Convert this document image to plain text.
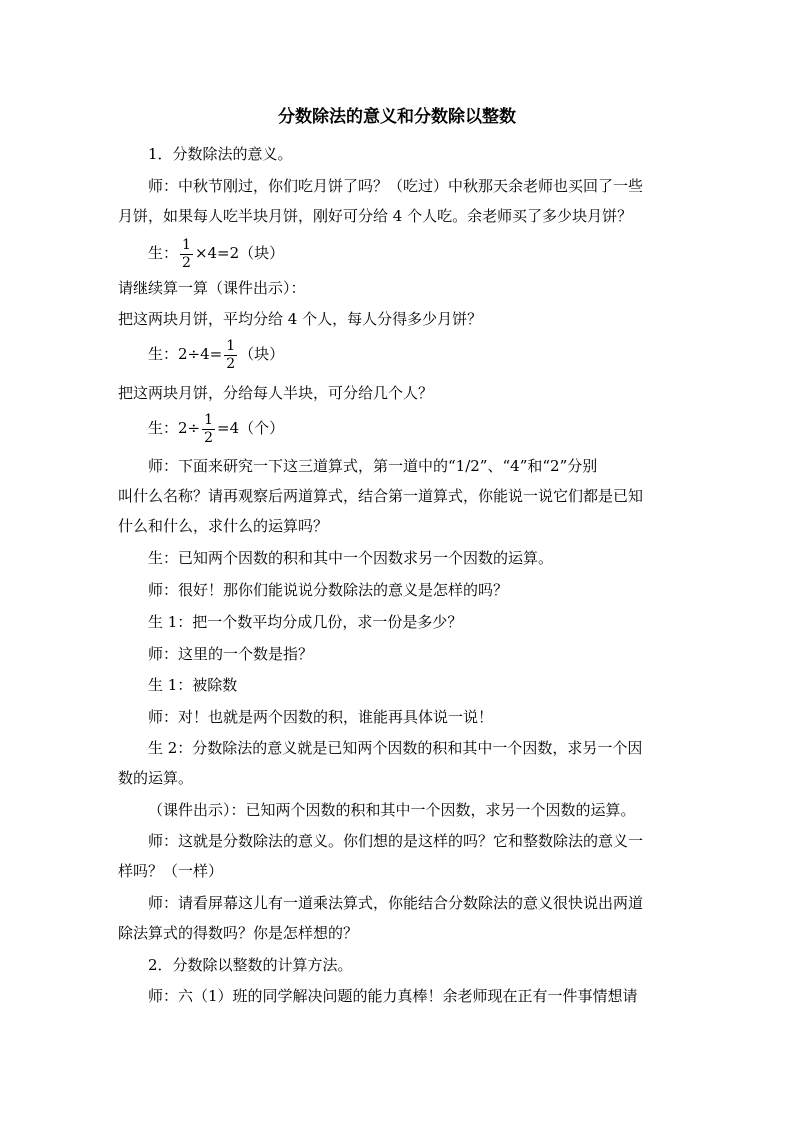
分数除法的意义和分数除以整数
1．分数除法的意义。
师：中秋节刚过，你们吃月饼了吗？（吃过）中秋那天余老师也买回了一些
月饼，如果每人吃半块月饼，刚好可分给 4 个人吃。余老师买了多少块月饼？
生： $\frac{1}{2} \times 4=2$（块）
请继续算一算（课件出示）：
把这两块月饼，平均分给 4 个人，每人分得多少月饼？
生：$2\div 4= \frac{1}{2}$ （块）
把这两块月饼，分给每人半块，可分给几个人？
生：$2\div \frac{1}{2} =4$（个）
师：下面来研究一下这三道算式，第一道中的“1/2”、“4”和“2”分别
叫什么名称？请再观察后两道算式，结合第一道算式，你能说一说它们都是已知
什么和什么，求什么的运算吗？
生：已知两个因数的积和其中一个因数求另一个因数的运算。
师：很好！那你们能说说分数除法的意义是怎样的吗？
生 1：把一个数平均分成几份，求一份是多少？
师：这里的一个数是指？
生 1：被除数
师：对！也就是两个因数的积，谁能再具体说一说！
生 2：分数除法的意义就是已知两个因数的积和其中一个因数，求另一个因
数的运算。
（课件出示）：已知两个因数的积和其中一个因数，求另一个因数的运算。
师：这就是分数除法的意义。你们想的是这样的吗？它和整数除法的意义一
样吗？（一样）
师：请看屏幕这儿有一道乘法算式，你能结合分数除法的意义很快说出两道
除法算式的得数吗？你是怎样想的？
2．分数除以整数的计算方法。
师：六（1）班的同学解决问题的能力真棒！余老师现在正有一件事情想请
